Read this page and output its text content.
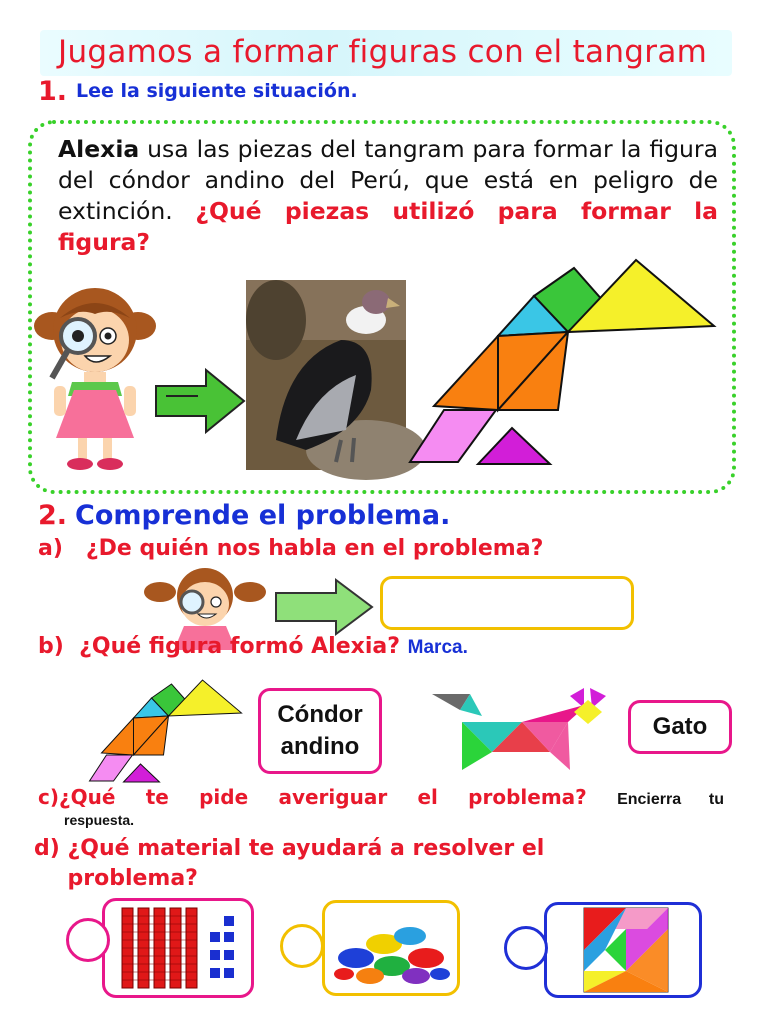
Jugamos a formar figuras con el tangram
1. Lee la siguiente situación.
Alexia usa las piezas del tangram para formar la figura del cóndor andino del Perú, que está en peligro de extinción. ¿Qué piezas utilizó para formar la figura?
2. Comprende el problema.
a) ¿De quién nos habla en el problema?
b) ¿Qué figura formó Alexia? Marca.
Cóndor andino
Gato
c)¿Qué te pide averiguar el problema? Encierra tu
respuesta.
d) ¿Qué material te ayudará a resolver el problema?
